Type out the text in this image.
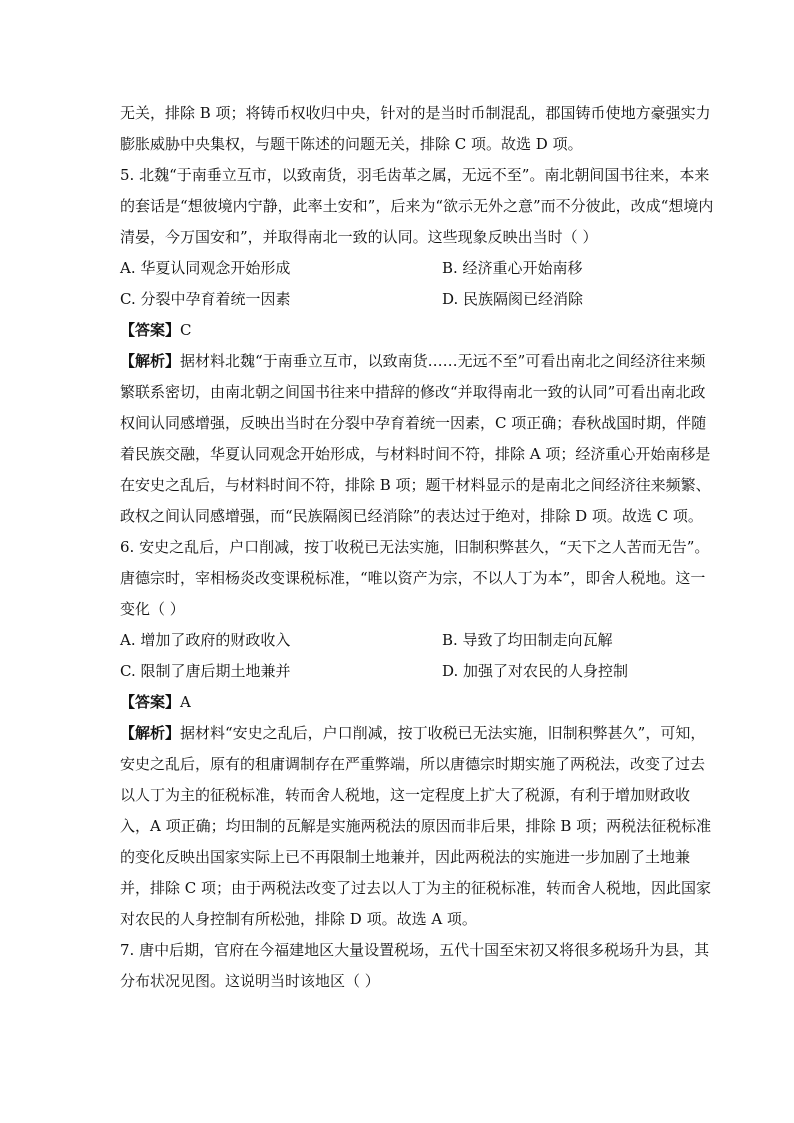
无关，排除 B 项；将铸币权收归中央，针对的是当时币制混乱，郡国铸币使地方豪强实力
膨胀威胁中央集权，与题干陈述的问题无关，排除 C 项。故选 D 项。
5. 北魏“于南垂立互市，以致南货，羽毛齿革之属，无远不至”。南北朝间国书往来，本来
的套话是“想彼境内宁静，此率土安和”，后来为“欲示无外之意”而不分彼此，改成“想境内
清晏，今万国安和”，并取得南北一致的认同。这些现象反映出当时（ ）
A. 华夏认同观念开始形成	B. 经济重心开始南移
C. 分裂中孕育着统一因素	D. 民族隔阂已经消除
【答案】C
【解析】据材料北魏“于南垂立互市，以致南货……无远不至”可看出南北之间经济往来频
繁联系密切，由南北朝之间国书往来中措辞的修改“并取得南北一致的认同”可看出南北政
权间认同感增强，反映出当时在分裂中孕育着统一因素，C 项正确；春秋战国时期，伴随
着民族交融，华夏认同观念开始形成，与材料时间不符，排除 A 项；经济重心开始南移是
在安史之乱后，与材料时间不符，排除 B 项；题干材料显示的是南北之间经济往来频繁、
政权之间认同感增强，而“民族隔阂已经消除”的表达过于绝对，排除 D 项。故选 C 项。
6. 安史之乱后，户口削减，按丁收税已无法实施，旧制积弊甚久，“天下之人苦而无告”。
唐德宗时，宰相杨炎改变课税标准，“唯以资产为宗，不以人丁为本”，即舍人税地。这一
变化（ ）
A. 增加了政府的财政收入	B. 导致了均田制走向瓦解
C. 限制了唐后期土地兼并	D. 加强了对农民的人身控制
【答案】A
【解析】据材料“安史之乱后，户口削减，按丁收税已无法实施，旧制积弊甚久”，可知，
安史之乱后，原有的租庸调制存在严重弊端，所以唐德宗时期实施了两税法，改变了过去
以人丁为主的征税标准，转而舍人税地，这一定程度上扩大了税源，有利于增加财政收
入，A 项正确；均田制的瓦解是实施两税法的原因而非后果，排除 B 项；两税法征税标准
的变化反映出国家实际上已不再限制土地兼并，因此两税法的实施进一步加剧了土地兼
并，排除 C 项；由于两税法改变了过去以人丁为主的征税标准，转而舍人税地，因此国家
对农民的人身控制有所松弛，排除 D 项。故选 A 项。
7. 唐中后期，官府在今福建地区大量设置税场，五代十国至宋初又将很多税场升为县，其
分布状况见图。这说明当时该地区（ ）
